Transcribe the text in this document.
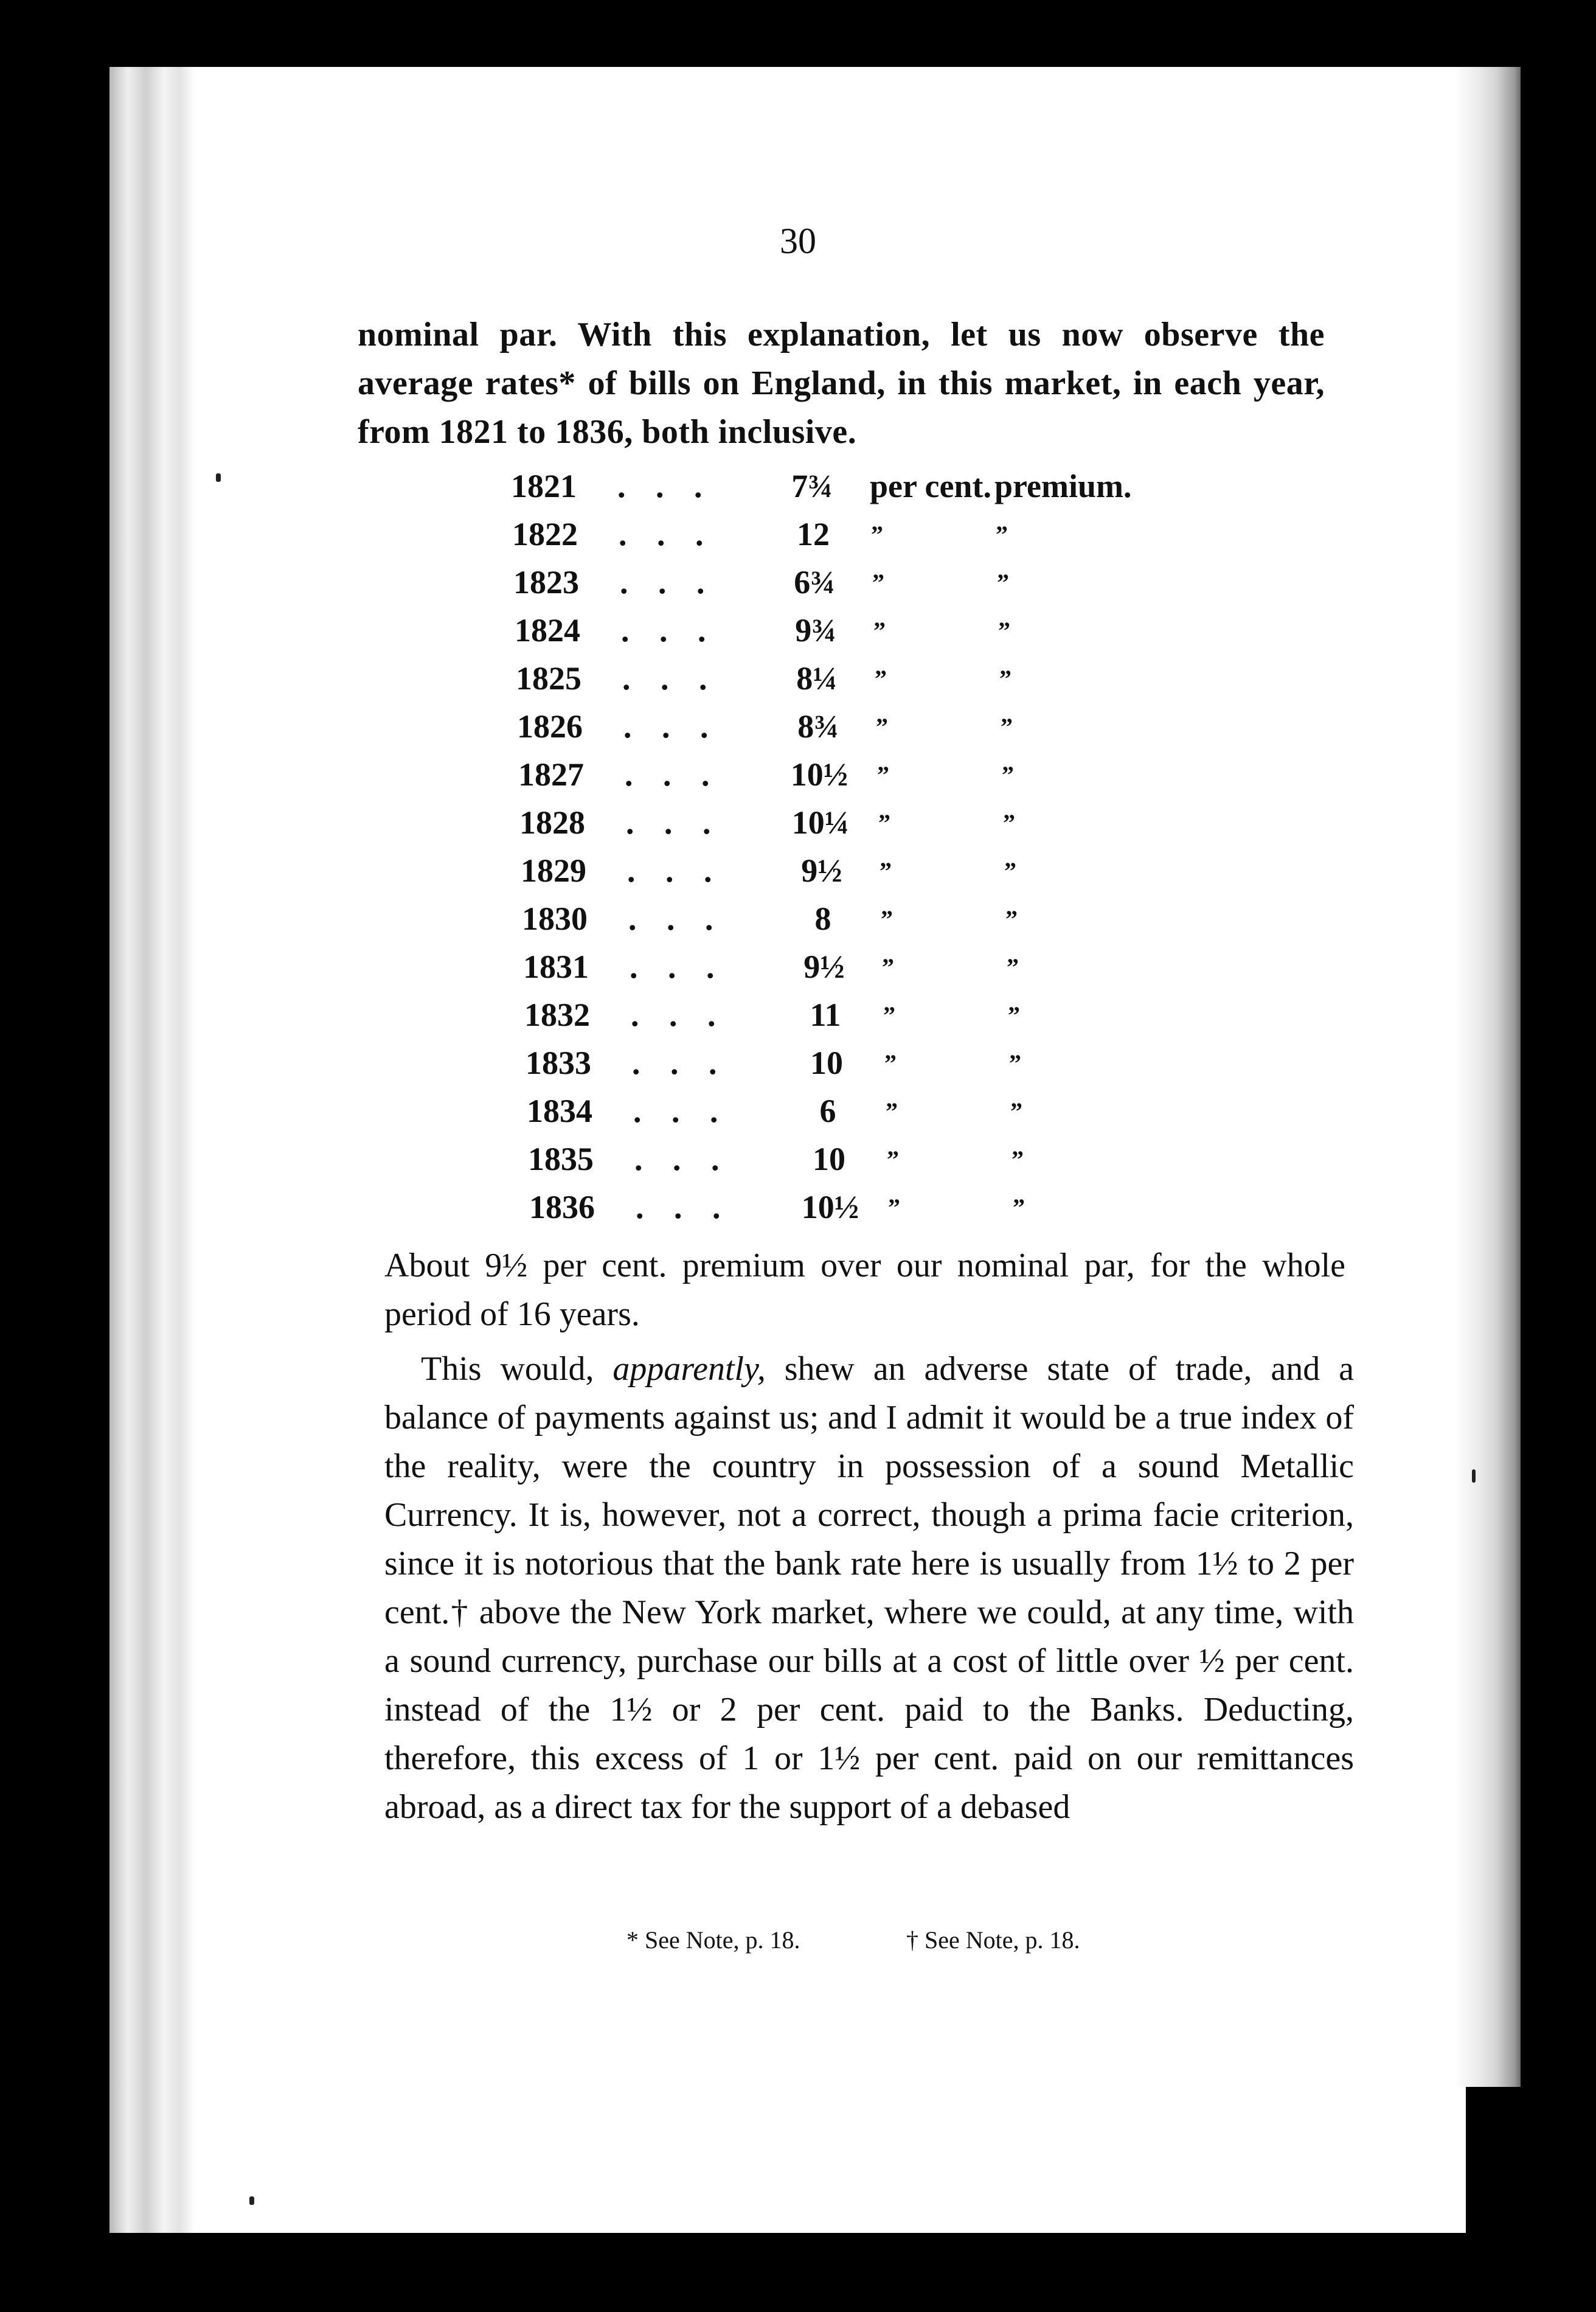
30
nominal par. With this explanation, let us now observe the average rates* of bills on England, in this market, in each year, from 1821 to 1836, both inclusive.
1821 . . .	7¾	per cent. premium.
1822 . . .	12	”	”
1823 . . .	6¾	”	”
1824 . . .	9¾	”	”
1825 . . .	8¼	”	”
1826 . . .	8¾	”	”
1827 . . .	10½	”	”
1828 . . .	10¼	”	”
1829 . . .	9½	”	”
1830 . . .	8	”	”
1831 . . .	9½	”	”
1832 . . .	11	”	”
1833 . . .	10	”	”
1834 . . .	6	”	”
1835 . . .	10	”	”
1836 . . .	10½	”	”
About 9½ per cent. premium over our nominal par, for the whole period of 16 years.
This would, apparently, shew an adverse state of trade, and a balance of payments against us; and I admit it would be a true index of the reality, were the country in possession of a sound Metallic Currency. It is, however, not a correct, though a prima facie criterion, since it is notorious that the bank rate here is usually from 1½ to 2 per cent.† above the New York market, where we could, at any time, with a sound currency, purchase our bills at a cost of little over ½ per cent. instead of the 1½ or 2 per cent. paid to the Banks. Deducting, therefore, this excess of 1 or 1½ per cent. paid on our remittances abroad, as a direct tax for the support of a debased
* See Note, p. 18.	† See Note, p. 18.
